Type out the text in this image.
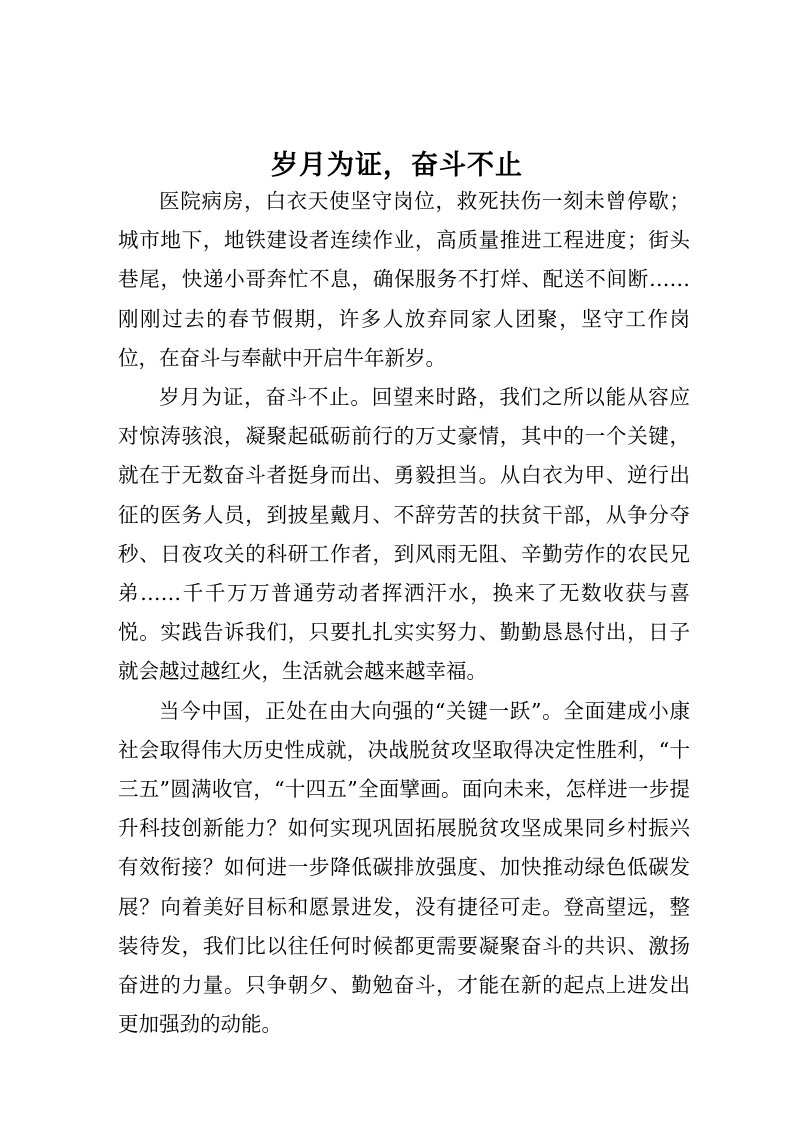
岁月为证，奋斗不止

医院病房，白衣天使坚守岗位，救死扶伤一刻未曾停歇；城市地下，地铁建设者连续作业，高质量推进工程进度；街头巷尾，快递小哥奔忙不息，确保服务不打烊、配送不间断……刚刚过去的春节假期，许多人放弃同家人团聚，坚守工作岗位，在奋斗与奉献中开启牛年新岁。

岁月为证，奋斗不止。回望来时路，我们之所以能从容应对惊涛骇浪，凝聚起砥砺前行的万丈豪情，其中的一个关键，就在于无数奋斗者挺身而出、勇毅担当。从白衣为甲、逆行出征的医务人员，到披星戴月、不辞劳苦的扶贫干部，从争分夺秒、日夜攻关的科研工作者，到风雨无阻、辛勤劳作的农民兄弟……千千万万普通劳动者挥洒汗水，换来了无数收获与喜悦。实践告诉我们，只要扎扎实实努力、勤勤恳恳付出，日子就会越过越红火，生活就会越来越幸福。

当今中国，正处在由大向强的“关键一跃”。全面建成小康社会取得伟大历史性成就，决战脱贫攻坚取得决定性胜利，“十三五”圆满收官，“十四五”全面擘画。面向未来，怎样进一步提升科技创新能力？如何实现巩固拓展脱贫攻坚成果同乡村振兴有效衔接？如何进一步降低碳排放强度、加快推动绿色低碳发展？向着美好目标和愿景进发，没有捷径可走。登高望远，整装待发，我们比以往任何时候都更需要凝聚奋斗的共识、激扬奋进的力量。只争朝夕、勤勉奋斗，才能在新的起点上进发出更加强劲的动能。
